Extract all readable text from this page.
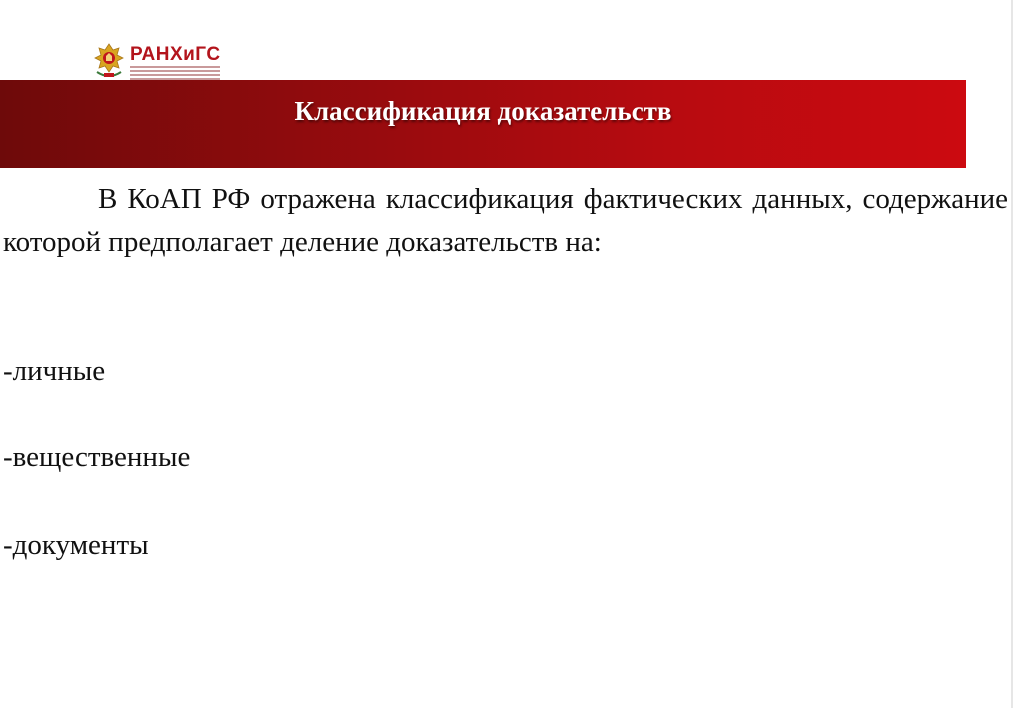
РАНХиГС
Классификация доказательств

В КоАП РФ отражена классификация фактических данных, содержание которой предполагает деление доказательств на:

-личные

-вещественные

-документы
